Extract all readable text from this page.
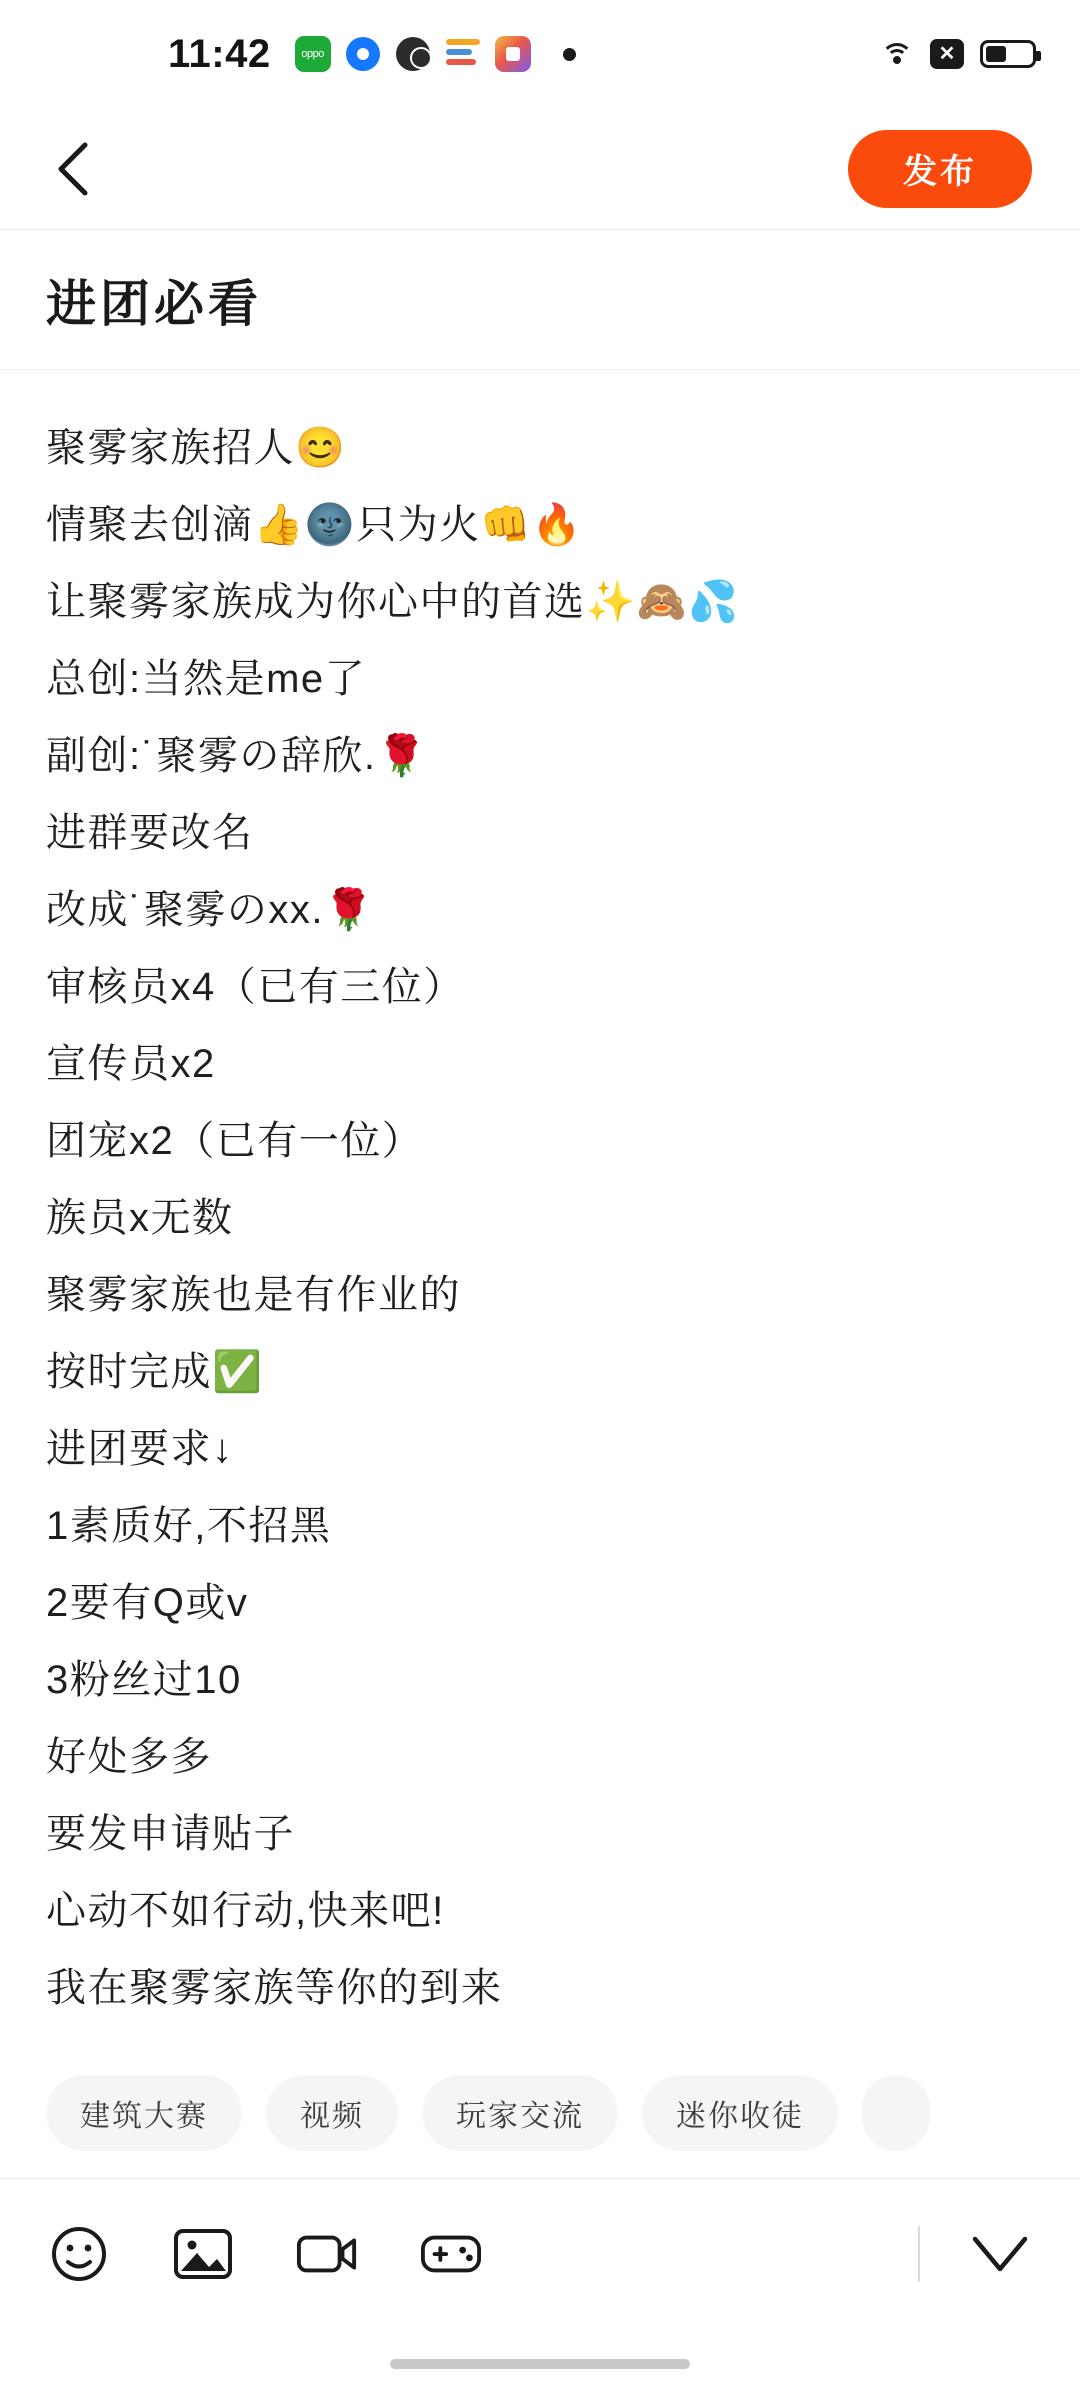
11:42	oppo	✕
发布
进团必看
聚雾家族招人😊
情聚去创滴👍🌚只为火👊🔥
让聚雾家族成为你心中的首选✨🙈💦
总创:当然是me了
副创:˙聚雾の辞欣.🌹
进群要改名
改成˙聚雾のxx.🌹
审核员x4（已有三位）
宣传员x2
团宠x2（已有一位）
族员x无数
聚雾家族也是有作业的
按时完成✅
进团要求↓
1素质好,不招黑
2要有Q或v
3粉丝过10
好处多多
要发申请贴子
心动不如行动,快来吧!
我在聚雾家族等你的到来
建筑大赛	视频	玩家交流	迷你收徒
